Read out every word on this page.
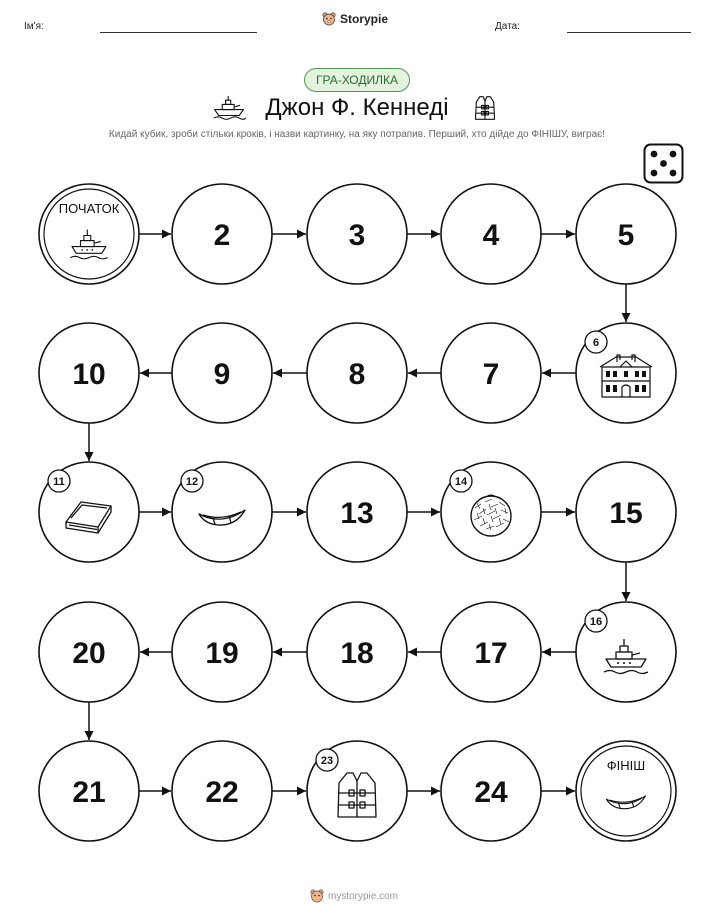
Ім'я:	Дата:
Storypie
ГРА-ХОДИЛКА
Джон Ф. Кеннеді
Кидай кубик, зроби стільки кроків, і назви картинку, на яку потрапив. Перший, хто дійде до ФІНІШУ, виграє!
ПОЧАТОК
2	3	4	5
6
7
8
9
10
11	12
13
14
15
16
17
18
19
20
21	22
23
24
ФІНІШ
mystorypie.com
